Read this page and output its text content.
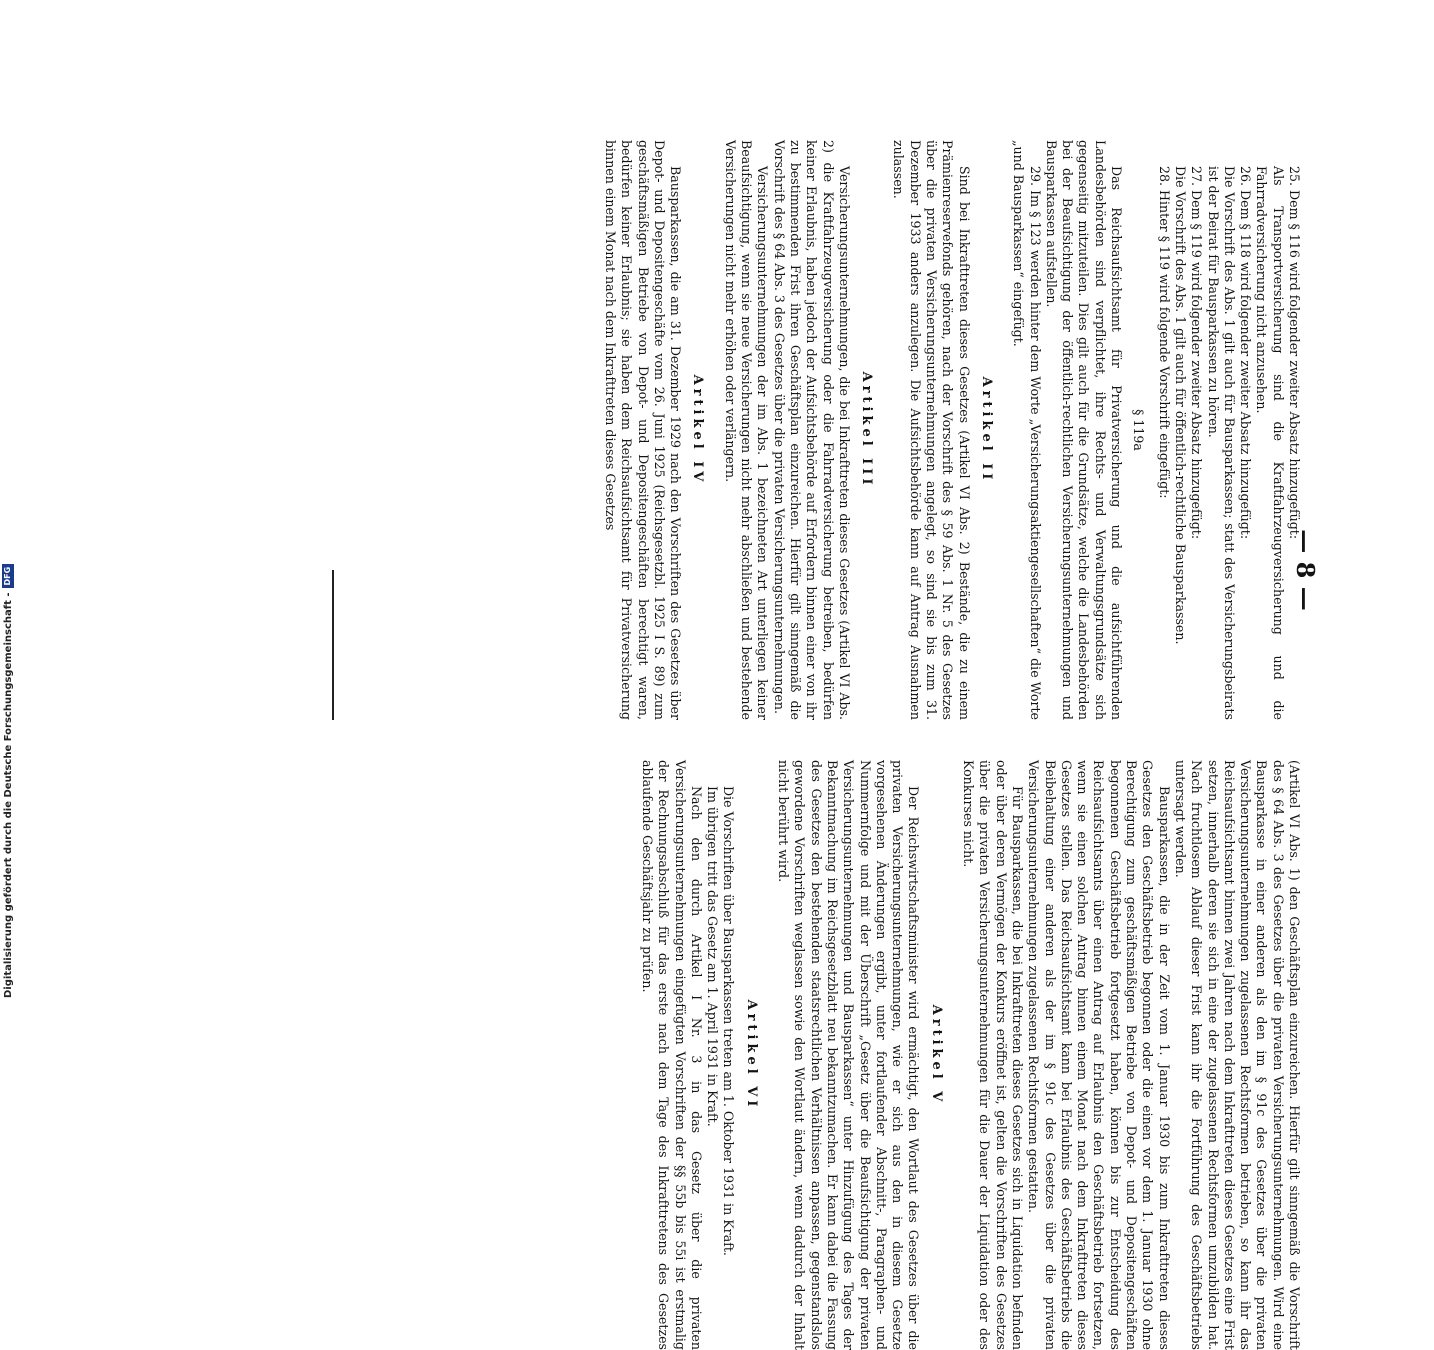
— 8 —

25. Dem § 116 wird folgender zweiter Absatz hinzugefügt:

Als Transportversicherung sind die Kraftfahrzeugversicherung und die Fahrradversicherung nicht anzusehen.

26. Dem § 118 wird folgender zweiter Absatz hinzugefügt:

Die Vorschrift des Abs. 1 gilt auch für Bausparkassen; statt des Versicherungsbeirats ist der Beirat für Bausparkassen zu hören.

27. Dem § 119 wird folgender zweiter Absatz hinzugefügt:

Die Vorschrift des Abs. 1 gilt auch für öffentlich-rechtliche Bausparkassen.

28. Hinter § 119 wird folgende Vorschrift eingefügt:

§ 119a

Das Reichsaufsichtsamt für Privatversicherung und die aufsichtführenden Landesbehörden sind verpflichtet, ihre Rechts- und Verwaltungsgrundsätze sich gegenseitig mitzuteilen. Dies gilt auch für die Grundsätze, welche die Landesbehörden bei der Beaufsichtigung der öffentlich-rechtlichen Versicherungsunternehmungen und Bausparkassen aufstellen.

29. Im § 123 werden hinter dem Worte „Versicherungsaktiengesellschaften“ die Worte „und Bausparkassen“ eingefügt.

Artikel II

Sind bei Inkrafttreten dieses Gesetzes (Artikel VI Abs. 2) Bestände, die zu einem Prämienreservefonds gehören, nach der Vorschrift des § 59 Abs. 1 Nr. 5 des Gesetzes über die privaten Versicherungsunternehmungen angelegt, so sind sie bis zum 31. Dezember 1933 anders anzulegen. Die Aufsichtsbehörde kann auf Antrag Ausnahmen zulassen.

Artikel III

Versicherungsunternehmungen, die bei Inkrafttreten dieses Gesetzes (Artikel VI Abs. 2) die Kraftfahrzeugversicherung oder die Fahrradversicherung betreiben, bedürfen keiner Erlaubnis, haben jedoch der Aufsichtsbehörde auf Erfordern binnen einer von ihr zu bestimmenden Frist ihren Geschäftsplan einzureichen. Hierfür gilt sinngemäß die Vorschrift des § 64 Abs. 3 des Gesetzes über die privaten Versicherungsunternehmungen.

Versicherungsunternehmungen der im Abs. 1 bezeichneten Art unterliegen keiner Beaufsichtigung, wenn sie neue Versicherungen nicht mehr abschließen und bestehende Versicherungen nicht mehr erhöhen oder verlängern.

Artikel IV

Bausparkassen, die am 31. Dezember 1929 nach den Vorschriften des Gesetzes über Depot- und Depositengeschäfte vom 26. Juni 1925 (Reichsgesetzbl. 1925 I S. 89) zum geschäftsmäßigen Betriebe von Depot- und Depositengeschäften berechtigt waren, bedürfen keiner Erlaubnis; sie haben dem Reichsaufsichtsamt für Privatversicherung binnen einem Monat nach dem Inkrafttreten dieses Gesetzes

(Artikel VI Abs. 1) den Geschäftsplan einzureichen. Hierfür gilt sinngemäß die Vorschrift des § 64 Abs. 3 des Gesetzes über die privaten Versicherungsunternehmungen. Wird eine Bausparkasse in einer anderen als den im § 91c des Gesetzes über die privaten Versicherungsunternehmungen zugelassenen Rechtsformen betrieben, so kann ihr das Reichsaufsichtsamt binnen zwei Jahren nach dem Inkrafttreten dieses Gesetzes eine Frist setzen, innerhalb deren sie sich in eine der zugelassenen Rechtsformen umzubilden hat. Nach fruchtlosem Ablauf dieser Frist kann ihr die Fortführung des Geschäftsbetriebs untersagt werden.

Bausparkassen, die in der Zeit vom 1. Januar 1930 bis zum Inkrafttreten dieses Gesetzes den Geschäftsbetrieb begonnen oder die einen vor dem 1. Januar 1930 ohne Berechtigung zum geschäftsmäßigen Betriebe von Depot- und Depositengeschäften begonnenen Geschäftsbetrieb fortgesetzt haben, können bis zur Entscheidung des Reichsaufsichtsamts über einen Antrag auf Erlaubnis den Geschäftsbetrieb fortsetzen, wenn sie einen solchen Antrag binnen einem Monat nach dem Inkrafttreten dieses Gesetzes stellen. Das Reichsaufsichtsamt kann bei Erlaubnis des Geschäftsbetriebs die Beibehaltung einer anderen als der im § 91c des Gesetzes über die privaten Versicherungsunternehmungen zugelassenen Rechtsformen gestatten.

Für Bausparkassen, die bei Inkrafttreten dieses Gesetzes sich in Liquidation befinden oder über deren Vermögen der Konkurs eröffnet ist, gelten die Vorschriften des Gesetzes über die privaten Versicherungsunternehmungen für die Dauer der Liquidation oder des Konkurses nicht.

Artikel V

Der Reichswirtschaftsminister wird ermächtigt, den Wortlaut des Gesetzes über die privaten Versicherungsunternehmungen, wie er sich aus den in diesem Gesetze vorgesehenen Änderungen ergibt, unter fortlaufender Abschnitt-, Paragraphen- und Nummernfolge und mit der Überschrift „Gesetz über die Beaufsichtigung der privaten Versicherungsunternehmungen und Bausparkassen“ unter Hinzufügung des Tages der Bekanntmachung im Reichsgesetzblatt neu bekanntzumachen. Er kann dabei die Fassung des Gesetzes den bestehenden staatsrechtlichen Verhältnissen anpassen, gegenstandslos gewordene Vorschriften weglassen sowie den Wortlaut ändern, wenn dadurch der Inhalt nicht berührt wird.

Artikel VI

Die Vorschriften über Bausparkassen treten am 1. Oktober 1931 in Kraft.

Im übrigen tritt das Gesetz am 1. April 1931 in Kraft.

Nach den durch Artikel I Nr. 3 in das Gesetz über die privaten Versicherungsunternehmungen eingefügten Vorschriften der §§ 55b bis 55i ist erstmalig der Rechnungsabschluß für das erste nach dem Tage des Inkrafttretens des Gesetzes ablaufende Geschäftsjahr zu prüfen.

Digitalisierung gefördert durch die Deutsche Forschungsgemeinschaft -
DFG
